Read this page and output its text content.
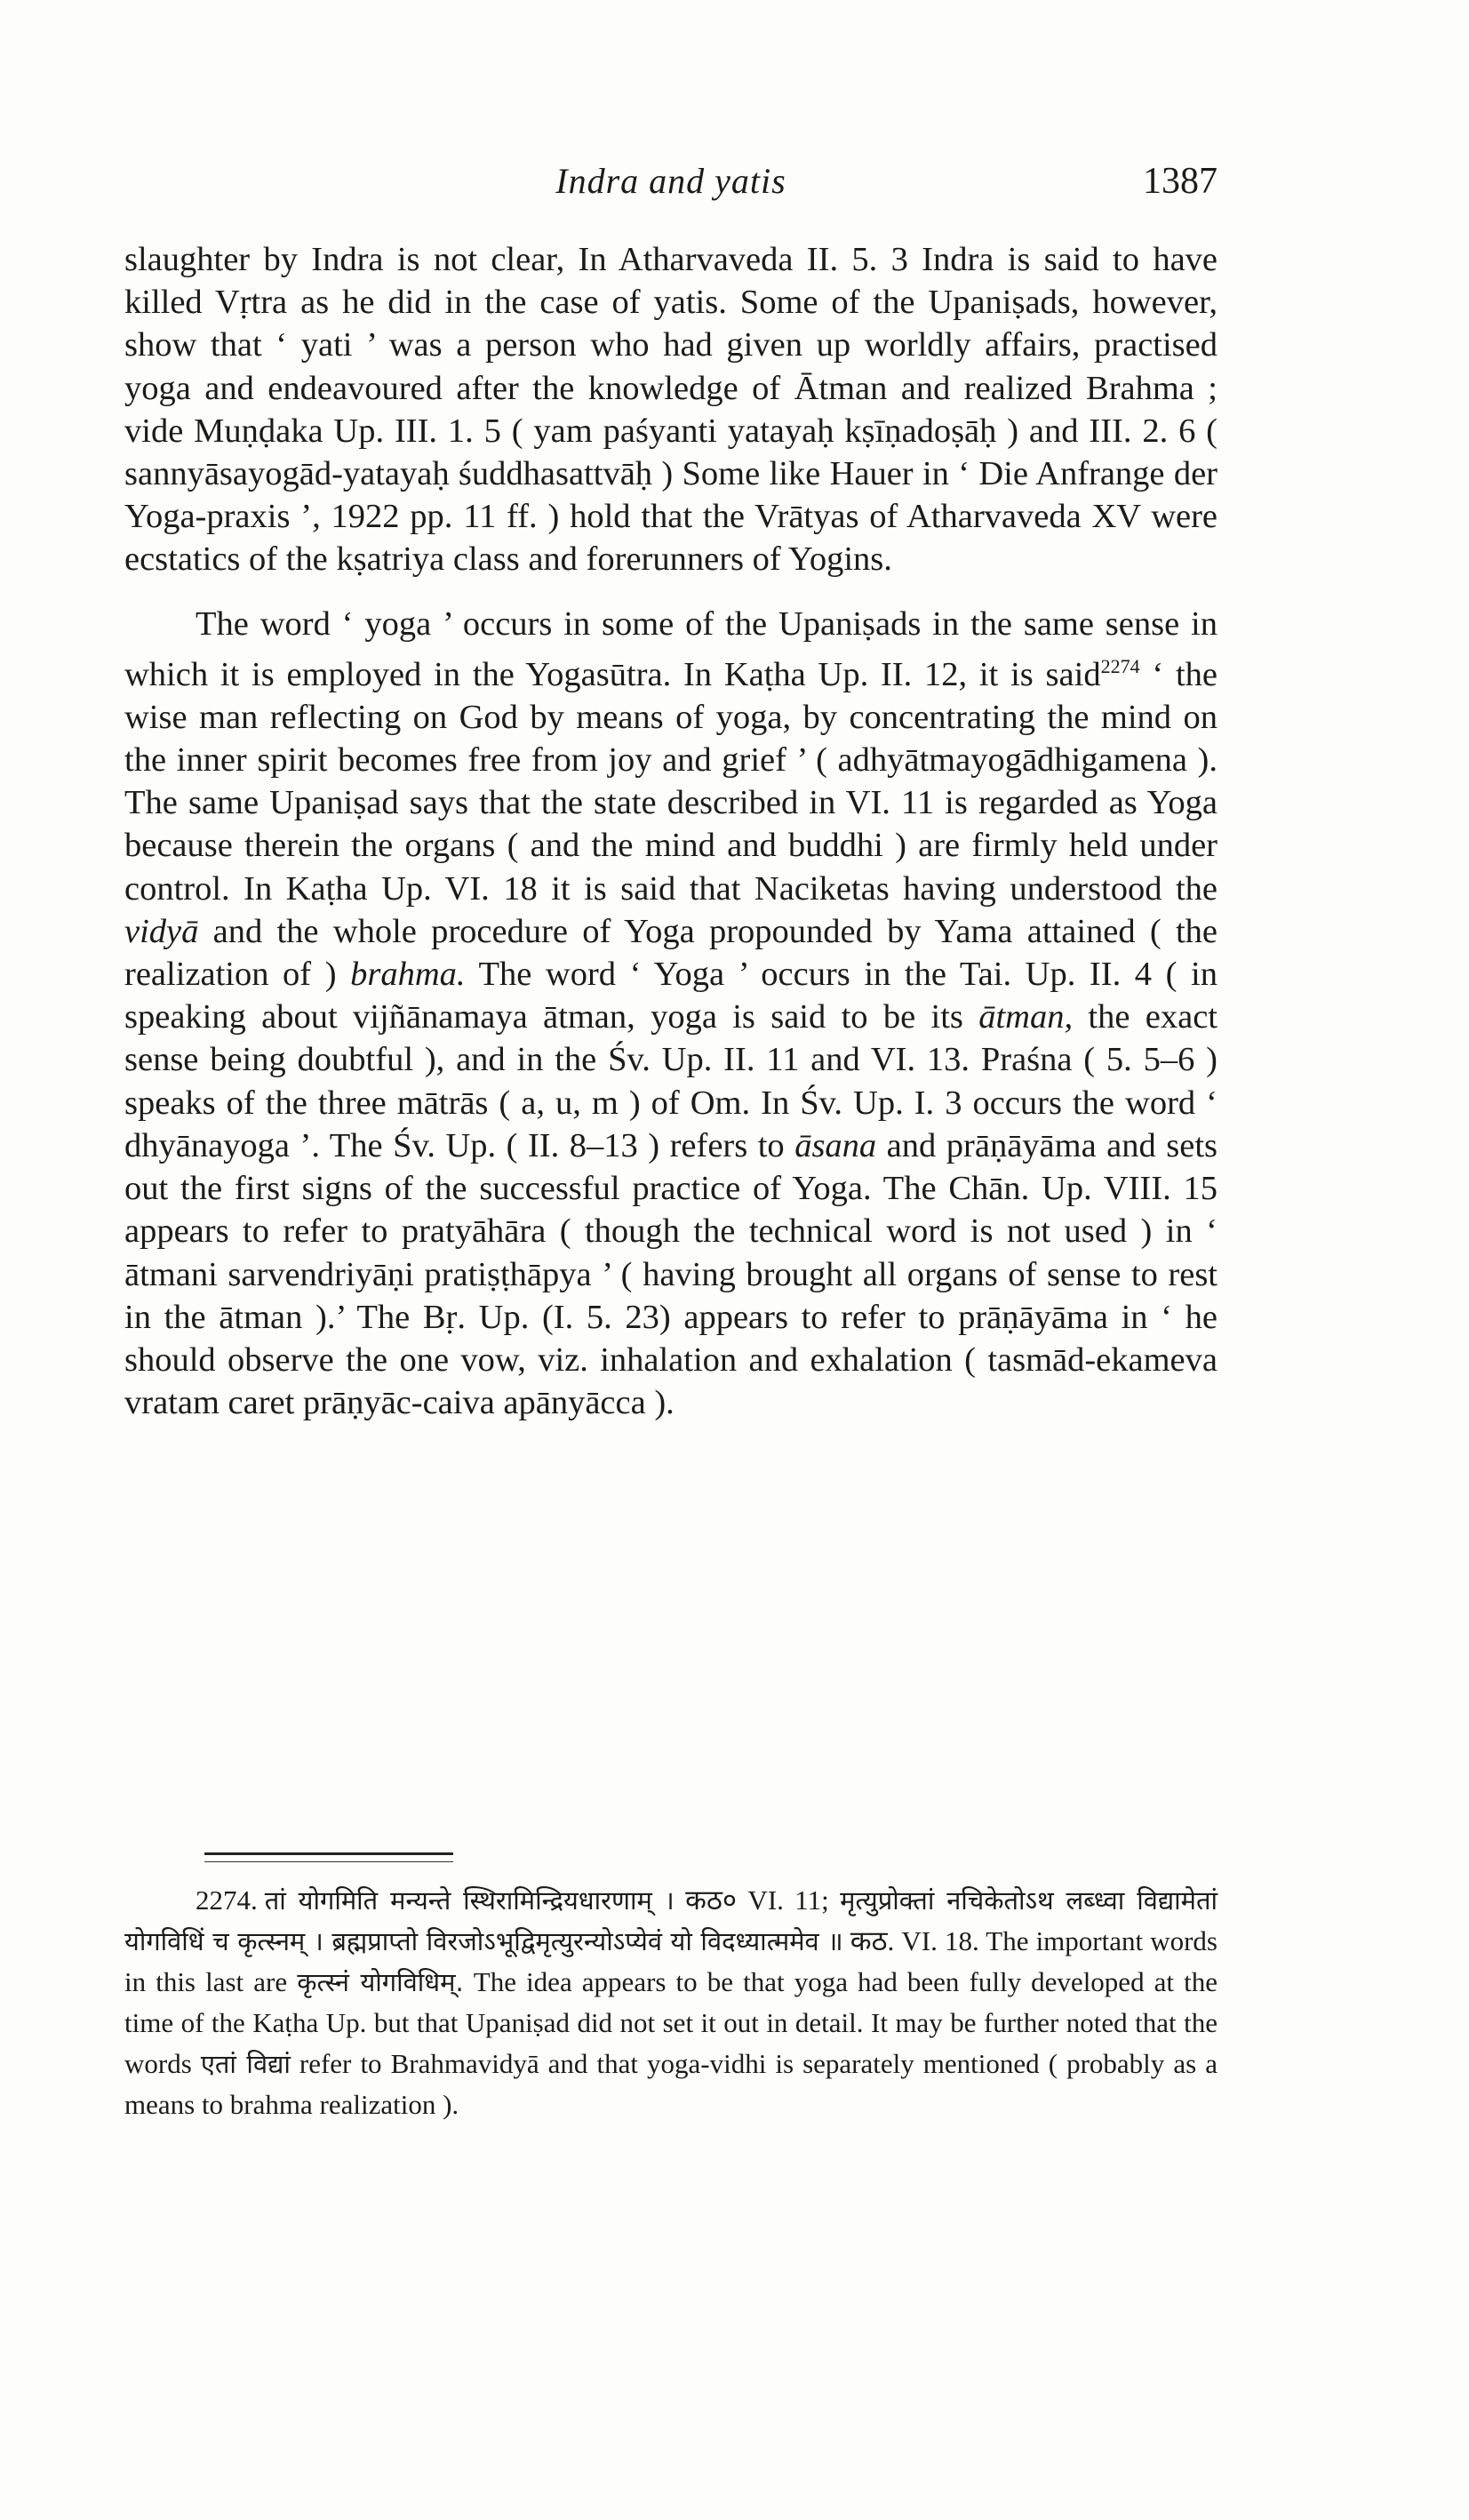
Indra and yatis	1387

slaughter by Indra is not clear, In Atharvaveda II. 5. 3 Indra is said to have killed Vṛtra as he did in the case of yatis. Some of the Upaniṣads, however, show that ‘ yati ’ was a person who had given up worldly affairs, practised yoga and endeavoured after the knowledge of Ātman and realized Brahma ; vide Muṇḍaka Up. III. 1. 5 ( yam paśyanti yatayaḥ kṣīṇadoṣāḥ ) and III. 2. 6 ( sannyāsayogād-yatayaḥ śuddhasattvāḥ ) Some like Hauer in ‘ Die Anfrange der Yoga-praxis ’, 1922 pp. 11 ff. ) hold that the Vrātyas of Atharvaveda XV were ecstatics of the kṣatriya class and forerunners of Yogins.

The word ‘ yoga ’ occurs in some of the Upaniṣads in the same sense in which it is employed in the Yogasūtra. In Kaṭha Up. II. 12, it is said$^{2274}$ ‘ the wise man reflecting on God by means of yoga, by concentrating the mind on the inner spirit becomes free from joy and grief ’ ( adhyātmayogādhigamena ). The same Upaniṣad says that the state described in VI. 11 is regarded as Yoga because therein the organs ( and the mind and buddhi ) are firmly held under control. In Kaṭha Up. VI. 18 it is said that Naciketas having understood the vidyā and the whole procedure of Yoga propounded by Yama attained ( the realization of ) brahma. The word ‘ Yoga ’ occurs in the Tai. Up. II. 4 ( in speaking about vijñānamaya ātman, yoga is said to be its ātman, the exact sense being doubtful ), and in the Śv. Up. II. 11 and VI. 13. Praśna ( 5. 5–6 ) speaks of the three mātrās ( a, u, m ) of Om. In Śv. Up. I. 3 occurs the word ‘ dhyānayoga ’. The Śv. Up. ( II. 8–13 ) refers to āsana and prāṇāyāma and sets out the first signs of the successful practice of Yoga. The Chān. Up. VIII. 15 appears to refer to pratyāhāra ( though the technical word is not used ) in ‘ ātmani sarvendriyāṇi pratiṣṭhāpya ’ ( having brought all organs of sense to rest in the ātman ).’ The Bṛ. Up. (I. 5. 23) appears to refer to prāṇāyāma in ‘ he should observe the one vow, viz. inhalation and exhalation ( tasmād-ekameva vratam caret prāṇyāc-caiva apānyācca ).

2274. तां योगमिति मन्यन्ते स्थिरामिन्द्रियधारणाम् । कठ० VI. 11; मृत्युप्रोक्तां नचिकेतोऽथ लब्ध्वा विद्यामेतां योगविधिं च कृत्स्नम् । ब्रह्मप्राप्तो विरजोऽभूद्विमृत्युरन्योऽप्येवं यो विदध्यात्ममेव ॥ कठ. VI. 18. The important words in this last are कृत्स्नं योगविधिम्. The idea appears to be that yoga had been fully developed at the time of the Kaṭha Up. but that Upaniṣad did not set it out in detail. It may be further noted that the words एतां विद्यां refer to Brahmavidyā and that yoga-vidhi is separately mentioned ( probably as a means to brahma realization ).
